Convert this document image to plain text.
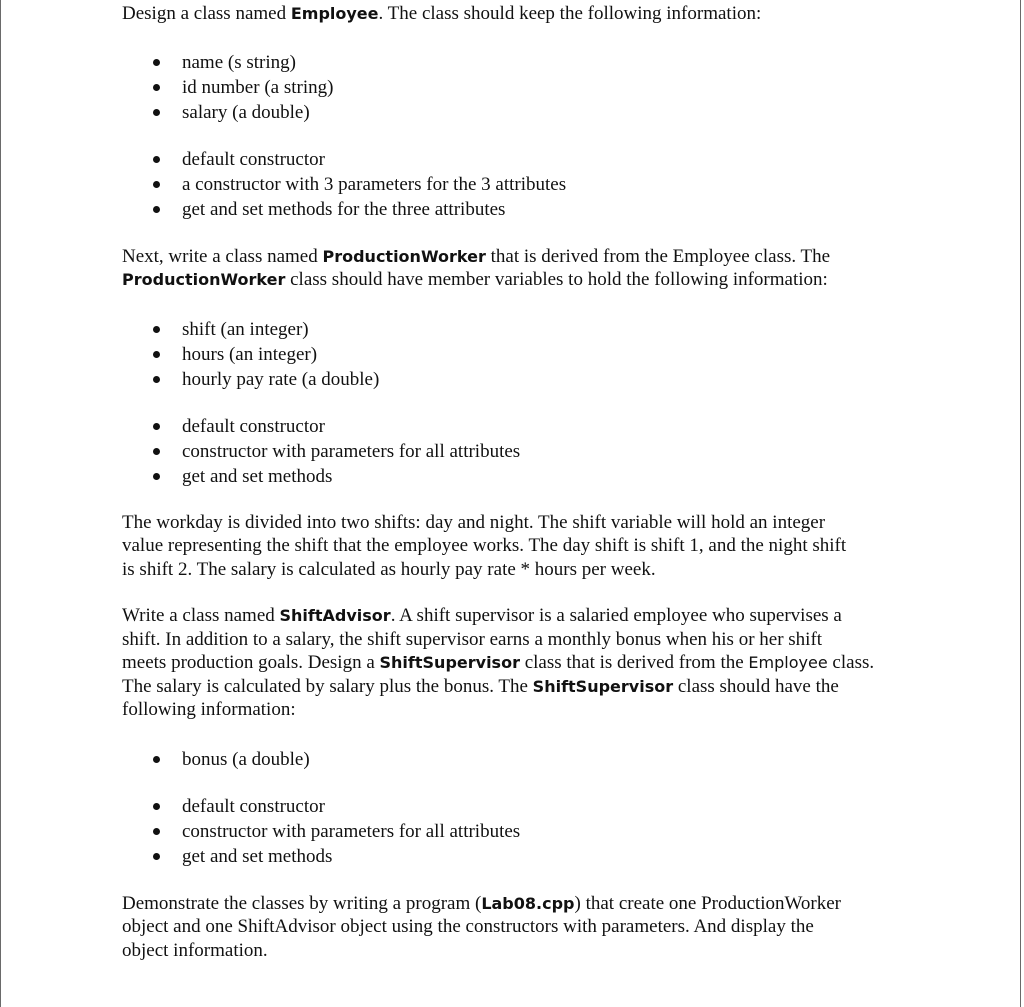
Design a class named Employee. The class should keep the following information:

name (s string)
id number (a string)
salary (a double)
default constructor
a constructor with 3 parameters for the 3 attributes
get and set methods for the three attributes

Next, write a class named ProductionWorker that is derived from the Employee class. The
ProductionWorker class should have member variables to hold the following information:

shift (an integer)
hours (an integer)
hourly pay rate (a double)
default constructor
constructor with parameters for all attributes
get and set methods

The workday is divided into two shifts: day and night. The shift variable will hold an integer
value representing the shift that the employee works. The day shift is shift 1, and the night shift
is shift 2. The salary is calculated as hourly pay rate * hours per week.

Write a class named ShiftAdvisor. A shift supervisor is a salaried employee who supervises a
shift. In addition to a salary, the shift supervisor earns a monthly bonus when his or her shift
meets production goals. Design a ShiftSupervisor class that is derived from the Employee class.
The salary is calculated by salary plus the bonus. The ShiftSupervisor class should have the
following information:

bonus (a double)
default constructor
constructor with parameters for all attributes
get and set methods

Demonstrate the classes by writing a program (Lab08.cpp) that create one ProductionWorker
object and one ShiftAdvisor object using the constructors with parameters. And display the
object information.
